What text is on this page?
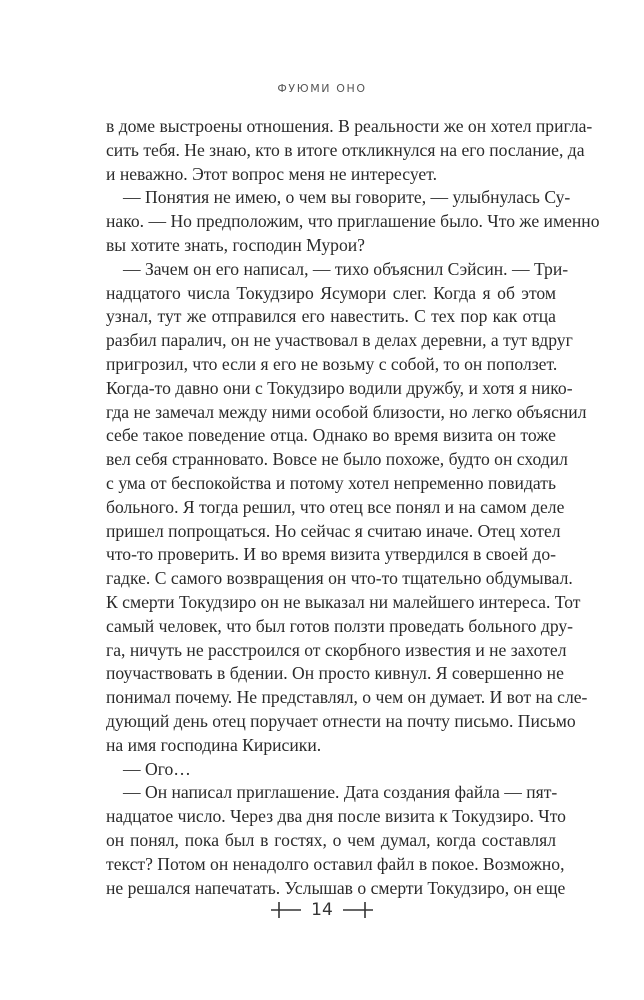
ФУЮМИ ОНО
в доме выстроены отношения. В реальности же он хотел пригла-
сить тебя. Не знаю, кто в итоге откликнулся на его послание, да
и неважно. Этот вопрос меня не интересует.
— Понятия не имею, о чем вы говорите, — улыбнулась Су-
нако. — Но предположим, что приглашение было. Что же именно
вы хотите знать, господин Мурои?
— Зачем он его написал, — тихо объяснил Сэйсин. — Три-
надцатого числа Токудзиро Ясумори слег. Когда я об этом
узнал, тут же отправился его навестить. С тех пор как отца
разбил паралич, он не участвовал в делах деревни, а тут вдруг
пригрозил, что если я его не возьму с собой, то он поползет.
Когда-то давно они с Токудзиро водили дружбу, и хотя я нико-
гда не замечал между ними особой близости, но легко объяснил
себе такое поведение отца. Однако во время визита он тоже
вел себя странновато. Вовсе не было похоже, будто он сходил
с ума от беспокойства и потому хотел непременно повидать
больного. Я тогда решил, что отец все понял и на самом деле
пришел попрощаться. Но сейчас я считаю иначе. Отец хотел
что-то проверить. И во время визита утвердился в своей до-
гадке. С самого возвращения он что-то тщательно обдумывал.
К смерти Токудзиро он не выказал ни малейшего интереса. Тот
самый человек, что был готов ползти проведать больного дру-
га, ничуть не расстроился от скорбного известия и не захотел
поучаствовать в бдении. Он просто кивнул. Я совершенно не
понимал почему. Не представлял, о чем он думает. И вот на сле-
дующий день отец поручает отнести на почту письмо. Письмо
на имя господина Кирисики.
— Ого…
— Он написал приглашение. Дата создания файла — пят-
надцатое число. Через два дня после визита к Токудзиро. Что
он понял, пока был в гостях, о чем думал, когда составлял
текст? Потом он ненадолго оставил файл в покое. Возможно,
не решался напечатать. Услышав о смерти Токудзиро, он еще
14
